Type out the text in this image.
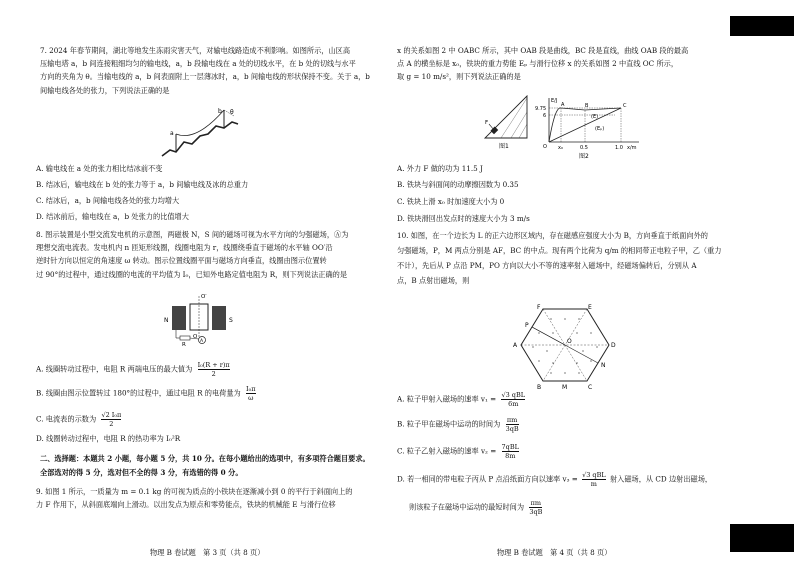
7. 2024 年春节期间，湖北等地发生冻雨灾害天气，对输电线路造成不利影响。如图所示，山区高
压输电塔 a，b 间连接粗细均匀的输电线，a，b 段输电线在 a 处的切线水平，在 b 处的切线与水平
方向的夹角为 θ。当输电线的 a，b 间表面附上一层薄冰时，a，b 间输电线的形状保持不变。关于 a，b
间输电线各处的张力，下列说法正确的是
a
b θ
A. 输电线在 a 处的张力相比结冰前不变
B. 结冰后，输电线在 b 处的张力等于 a，b 间输电线及冰的总重力
C. 结冰后，a，b 间输电线各处的张力均增大
D. 结冰前后，输电线在 a，b 处张力的比值增大
8. 图示装置是小型交流发电机的示意图，两磁极 N，S 间的磁场可视为水平方向的匀强磁场，Ⓐ为
理想交流电流表。发电机内 n 匝矩形线圈，线圈电阻为 r，线圈绕垂直于磁场的水平轴 OO′沿
逆时针方向以恒定的角速度 ω 转动。图示位置线圈平面与磁场方向垂直，线圈由图示位置转
过 90°的过程中，通过线圈的电流的平均值为 I₀，已知外电路定值电阻为 R，则下列说法正确的是
N	S
O′
O
R
A
A. 线圈转动过程中，电阻 R 两端电压的最大值为 $\frac{\text{I₀(R + r)π}}{2}$
B. 线圈由图示位置转过 180°的过程中，通过电阻 R 的电荷量为 $\frac{\text{I₀π}}{\omega}$
C. 电流表的示数为 $\frac{\text{√2 I₀π}}{2}$
D. 线圈转动过程中，电阻 R 的热功率为 I₀²R
二、选择题：本题共 2 小题，每小题 5 分，共 10 分。在每小题给出的选项中，有多项符合题目要求。
全部选对的得 5 分，选对但不全的得 3 分，有选错的得 0 分。
9. 如图 1 所示，一质量为 m = 0.1 kg 的可视为质点的小铁块在逐渐减小到 0 的平行于斜面向上的
力 F 作用下，从斜面底端向上滑动。以出发点为原点和零势能点，铁块的机械能 E 与滑行位移
物理 B 卷试题　第 3 页（共 8 页）
x 的关系如图 2 中 OABC 所示，其中 OAB 段是曲线，BC 段是直线，曲线 OAB 段的最高
点 A 的横坐标是 x₀，铁块的重力势能 Eₚ 与滑行位移 x 的关系如图 2 中直线 OC 所示，
取 g = 10 m/s²，则下列说法正确的是
F
图1
E/J
9.75
6
O x₀	0.5	1.0 x/m
A	B	C
(E)
(Eₚ)
图2
A. 外力 F 做的功为 11.5 J
B. 铁块与斜面间的动摩擦因数为 0.35
C. 铁块上滑 x₀ 时加速度大小为 0
D. 铁块滑回出发点时的速度大小为 3 m/s
10. 如图，在一个边长为 L 的正六边形区域内，存在磁感应强度大小为 B，方向垂直于纸面向外的
匀强磁场，P，M 两点分别是 AF，BC 的中点。现有两个比荷为 q/m 的相同带正电粒子甲，乙（重力
不计），先后从 P 点沿 PM，PO 方向以大小不等的速率射入磁场中，经磁场偏转后，分别从 A
点，B 点射出磁场，则
F	E
A	D
B	C
P
M
N
O
A. 粒子甲射入磁场的速率 v₁ = √3 qBL
6m
B. 粒子甲在磁场中运动的时间为 $\frac{\pi m}{3qB}$
C. 粒子乙射入磁场的速率 v₂ = 7qBL
8m
D. 若一相同的带电粒子丙从 P 点沿纸面方向以速率 v₃ = √3 qBL
m
射入磁场，从 CD 边射出磁场，
则该粒子在磁场中运动的最短时间为 $\frac{\pi m}{3qB}$
物理 B 卷试题　第 4 页（共 8 页）
